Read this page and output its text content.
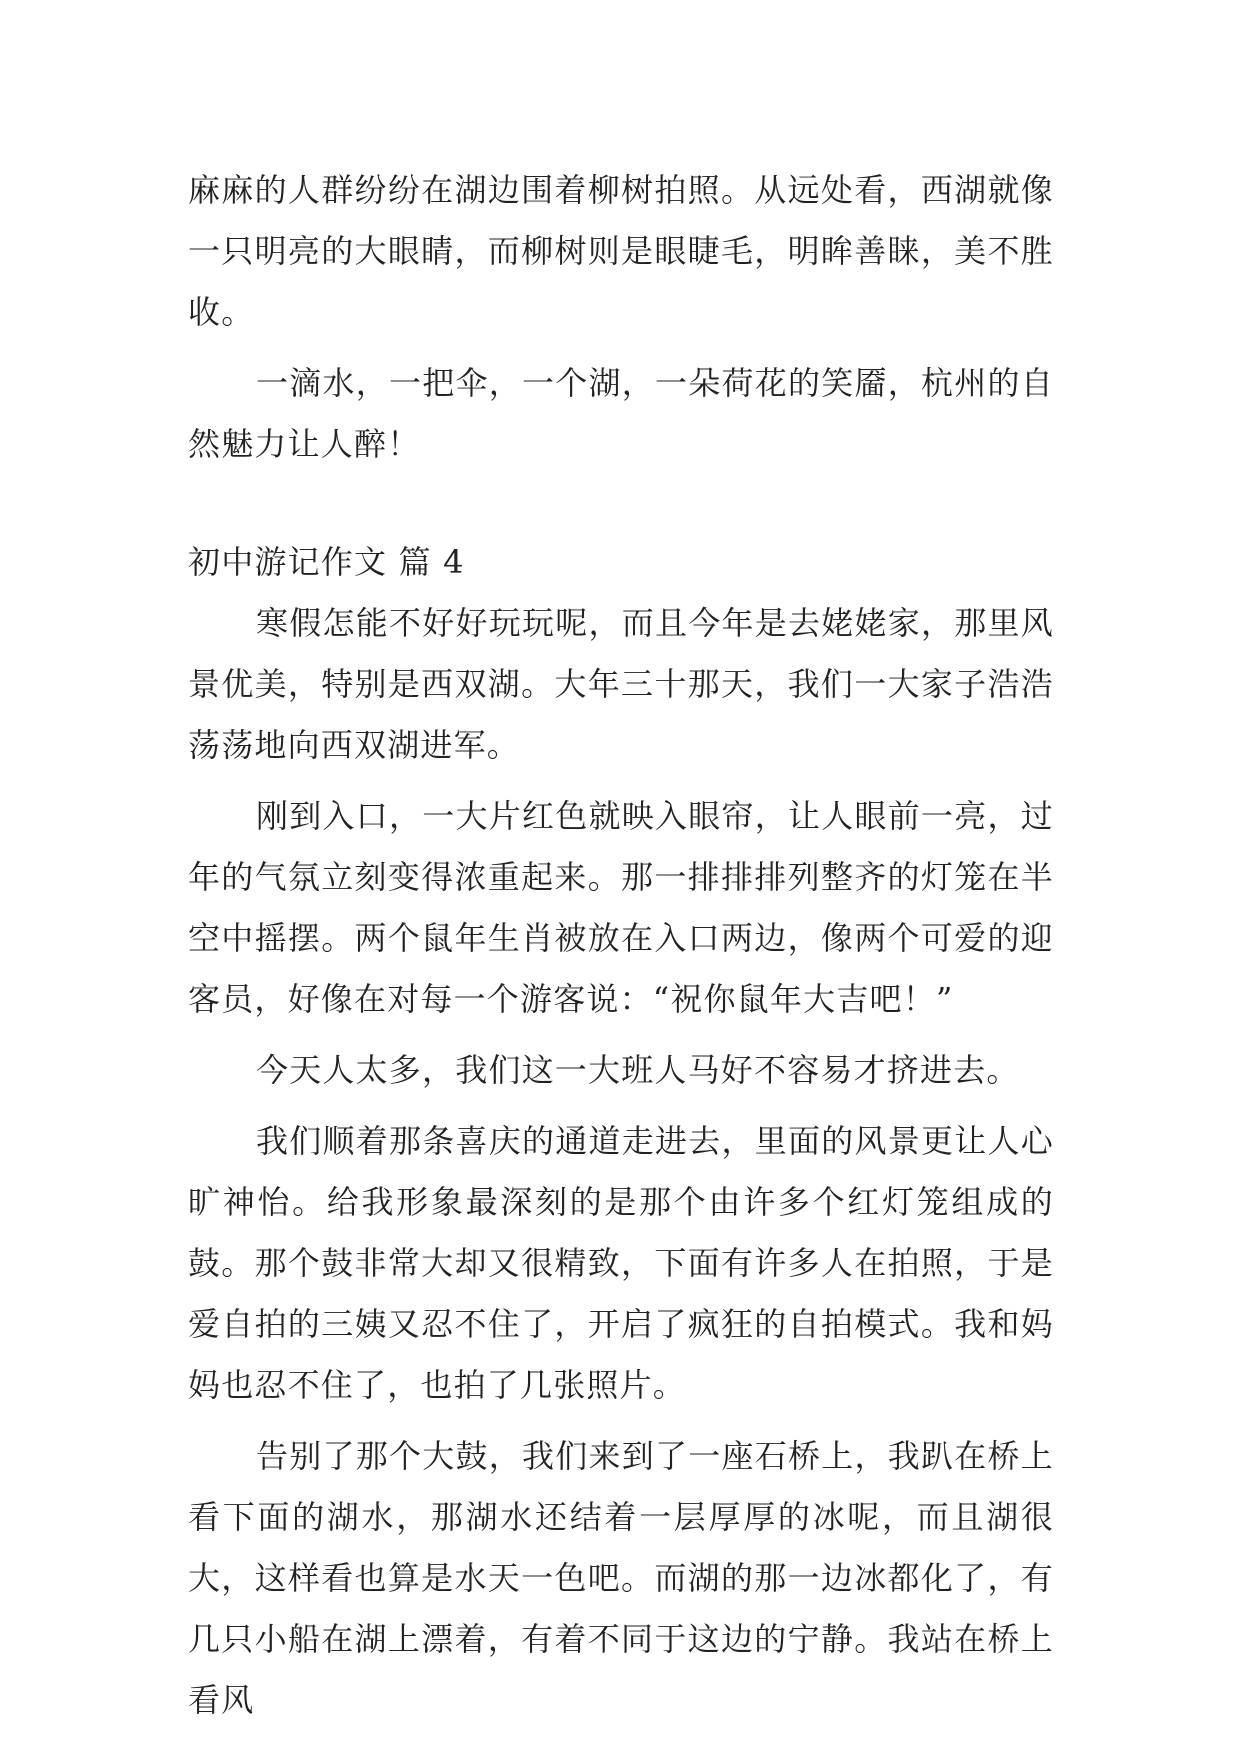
麻麻的人群纷纷在湖边围着柳树拍照。从远处看，西湖就像一只明亮的大眼睛，而柳树则是眼睫毛，明眸善睐，美不胜收。

一滴水，一把伞，一个湖，一朵荷花的笑靥，杭州的自然魅力让人醉！

初中游记作文 篇 4

寒假怎能不好好玩玩呢，而且今年是去姥姥家，那里风景优美，特别是西双湖。大年三十那天，我们一大家子浩浩荡荡地向西双湖进军。

刚到入口，一大片红色就映入眼帘，让人眼前一亮，过年的气氛立刻变得浓重起来。那一排排排列整齐的灯笼在半空中摇摆。两个鼠年生肖被放在入口两边，像两个可爱的迎客员，好像在对每一个游客说：“祝你鼠年大吉吧！”

今天人太多，我们这一大班人马好不容易才挤进去。

我们顺着那条喜庆的通道走进去，里面的风景更让人心旷神怡。给我形象最深刻的是那个由许多个红灯笼组成的鼓。那个鼓非常大却又很精致，下面有许多人在拍照，于是爱自拍的三姨又忍不住了，开启了疯狂的自拍模式。我和妈妈也忍不住了，也拍了几张照片。

告别了那个大鼓，我们来到了一座石桥上，我趴在桥上看下面的湖水，那湖水还结着一层厚厚的冰呢，而且湖很大，这样看也算是水天一色吧。而湖的那一边冰都化了，有几只小船在湖上漂着，有着不同于这边的宁静。我站在桥上看风
